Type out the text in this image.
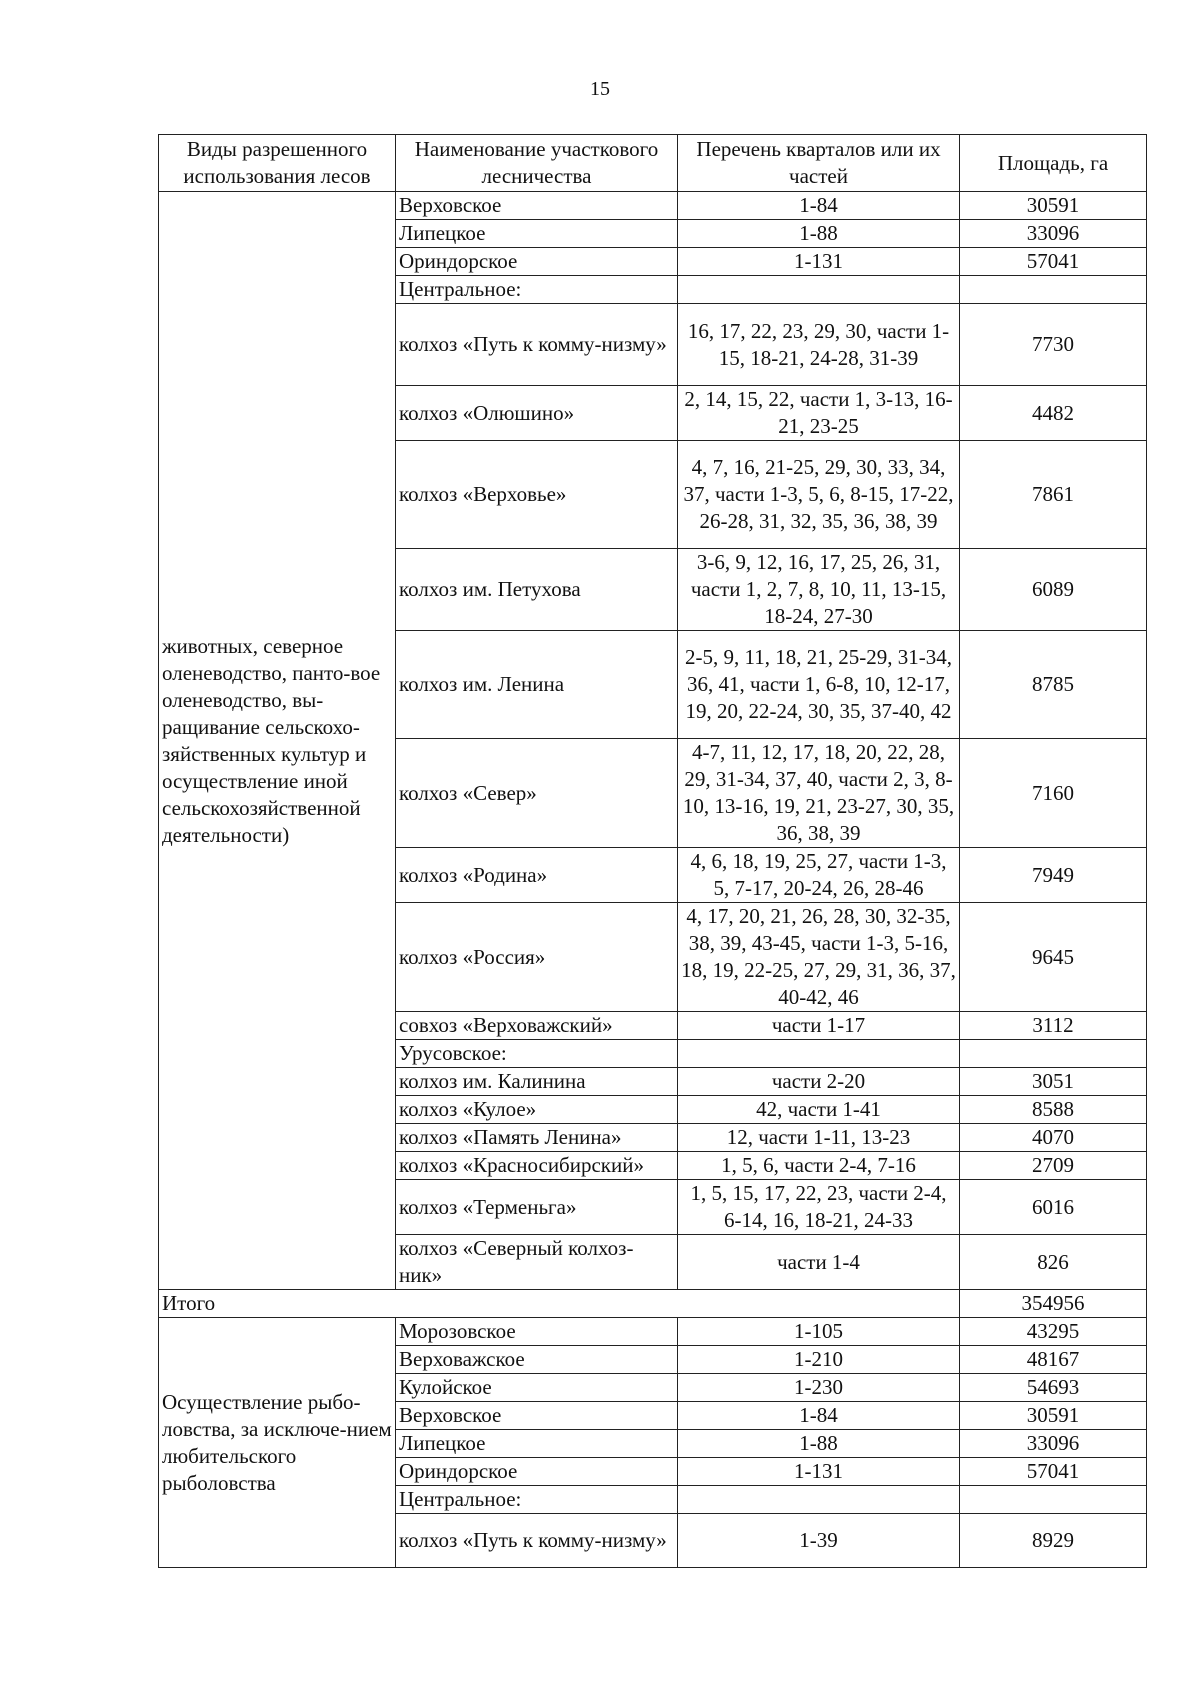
15
Виды разрешенного использования лесов	Наименование участкового лесничества	Перечень кварталов или их частей	Площадь, га
животных, северное оленеводство, панто-вое оленеводство, вы-ращивание сельскохо-зяйственных культур и осуществление иной сельскохозяйственной деятельности)	Верховское	1-84	30591
	Липецкое	1-88	33096
	Ориндорское	1-131	57041
	Центральное:		
	колхоз «Путь к комму-низму»	16, 17, 22, 23, 29, 30, части 1-15, 18-21, 24-28, 31-39	7730
	колхоз «Олюшино»	2, 14, 15, 22, части 1, 3-13, 16-21, 23-25	4482
	колхоз «Верховье»	4, 7, 16, 21-25, 29, 30, 33, 34, 37, части 1-3, 5, 6, 8-15, 17-22, 26-28, 31, 32, 35, 36, 38, 39	7861
	колхоз им. Петухова	3-6, 9, 12, 16, 17, 25, 26, 31, части 1, 2, 7, 8, 10, 11, 13-15, 18-24, 27-30	6089
	колхоз им. Ленина	2-5, 9, 11, 18, 21, 25-29, 31-34, 36, 41, части 1, 6-8, 10, 12-17, 19, 20, 22-24, 30, 35, 37-40, 42	8785
	колхоз «Север»	4-7, 11, 12, 17, 18, 20, 22, 28, 29, 31-34, 37, 40, части 2, 3, 8-10, 13-16, 19, 21, 23-27, 30, 35, 36, 38, 39	7160
	колхоз «Родина»	4, 6, 18, 19, 25, 27, части 1-3, 5, 7-17, 20-24, 26, 28-46	7949
	колхоз «Россия»	4, 17, 20, 21, 26, 28, 30, 32-35, 38, 39, 43-45, части 1-3, 5-16, 18, 19, 22-25, 27, 29, 31, 36, 37, 40-42, 46	9645
	совхоз «Верховажский»	части 1-17	3112
	Урусовское:		
	колхоз им. Калинина	части 2-20	3051
	колхоз «Кулое»	42, части 1-41	8588
	колхоз «Память Ленина»	12, части 1-11, 13-23	4070
	колхоз «Красносибирский»	1, 5, 6, части 2-4, 7-16	2709
	колхоз «Терменьга»	1, 5, 15, 17, 22, 23, части 2-4, 6-14, 16, 18-21, 24-33	6016
	колхоз «Северный колхоз-ник»	части 1-4	826
Итого			354956
Осуществление рыбо-ловства, за исключе-нием любительского рыболовства	Морозовское	1-105	43295
	Верховажское	1-210	48167
	Кулойское	1-230	54693
	Верховское	1-84	30591
	Липецкое	1-88	33096
	Ориндорское	1-131	57041
	Центральное:		
	колхоз «Путь к комму-низму»	1-39	8929
